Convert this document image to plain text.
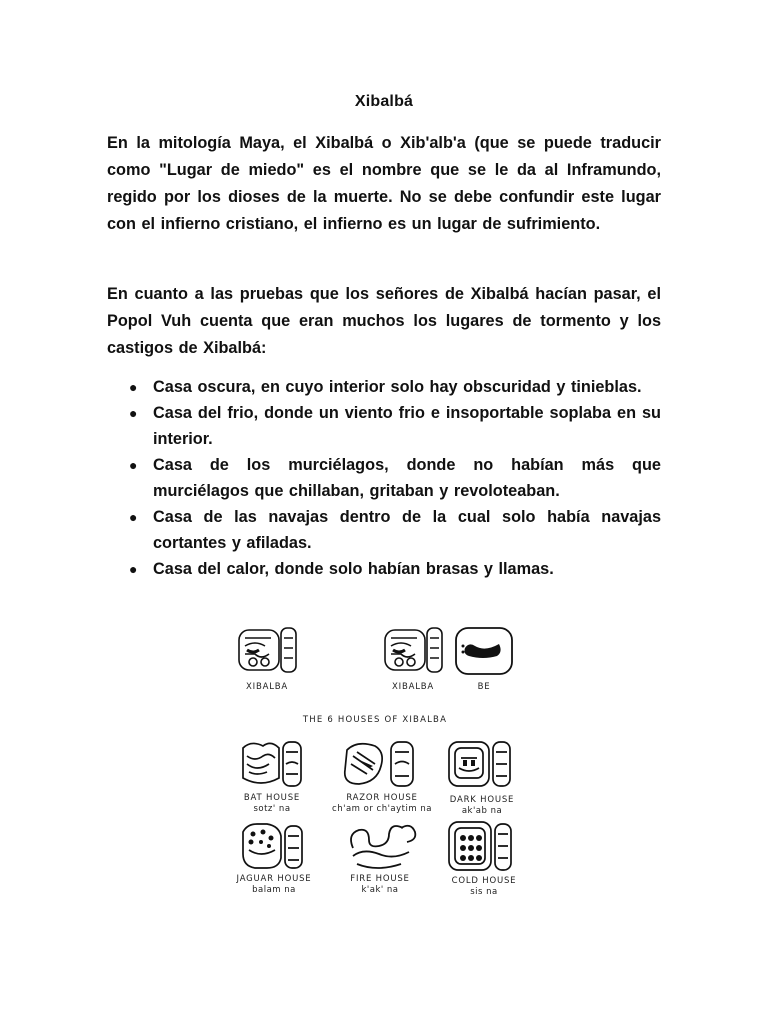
Xibalbá

En la mitología Maya, el Xibalbá o Xib'alb'a (que se puede traducir como "Lugar de miedo" es el nombre que se le da al Inframundo, regido por los dioses de la muerte. No se debe confundir este lugar con el infierno cristiano, el infierno es un lugar de sufrimiento.

En cuanto a las pruebas que los señores de Xibalbá hacían pasar, el Popol Vuh cuenta que eran muchos los lugares de tormento y los castigos de Xibalbá:

● Casa oscura, en cuyo interior solo hay obscuridad y tinieblas.
● Casa del frio, donde un viento frio e insoportable soplaba en su interior.
● Casa de los murciélagos, donde no habían más que murciélagos que chillaban, gritaban y revoloteaban.
● Casa de las navajas dentro de la cual solo había navajas cortantes y afiladas.
● Casa del calor, donde solo habían brasas y llamas.
XIBALBA	XIBALBA	BE
THE 6 HOUSES OF XIBALBA
BAT HOUSE
sotz' na
RAZOR HOUSE
ch'am or ch'aytim na
DARK HOUSE
ak'ab na
JAGUAR HOUSE
balam na
FIRE HOUSE
k'ak' na
COLD HOUSE
sis na
